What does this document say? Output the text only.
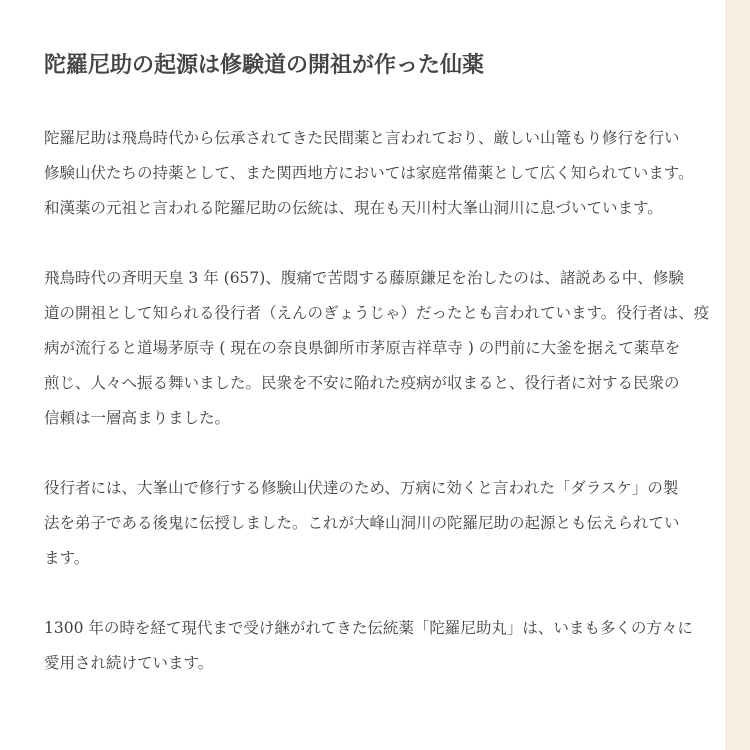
陀羅尼助の起源は修験道の開祖が作った仙薬
陀羅尼助は飛鳥時代から伝承されてきた民間薬と言われており、厳しい山篭もり修行を行い
修験山伏たちの持薬として、また関西地方においては家庭常備薬として広く知られています。
和漢薬の元祖と言われる陀羅尼助の伝統は、現在も天川村大峯山洞川に息づいています。
飛鳥時代の斉明天皇 3 年 (657)、腹痛で苦悶する藤原鎌足を治したのは、諸説ある中、修験
道の開祖として知られる役行者（えんのぎょうじゃ）だったとも言われています。役行者は、疫
病が流行ると道場茅原寺 ( 現在の奈良県御所市茅原吉祥草寺 ) の門前に大釜を据えて薬草を
煎じ、人々へ振る舞いました。民衆を不安に陥れた疫病が収まると、役行者に対する民衆の
信頼は一層高まりました。
役行者には、大峯山で修行する修験山伏達のため、万病に効くと言われた「ダラスケ」の製
法を弟子である後鬼に伝授しました。これが大峰山洞川の陀羅尼助の起源とも伝えられてい
ます。
1300 年の時を経て現代まで受け継がれてきた伝統薬「陀羅尼助丸」は、いまも多くの方々に
愛用され続けています。
